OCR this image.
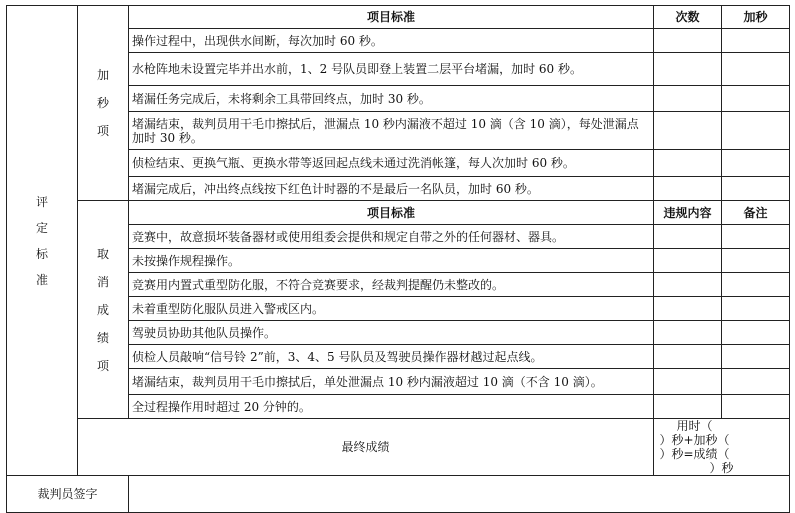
评定标准	加秒项	项目标准	次数	加秒
		操作过程中，出现供水间断，每次加时 60 秒。		
		水枪阵地未设置完毕并出水前，1、2 号队员即登上装置二层平台堵漏，加时 60 秒。		
		堵漏任务完成后，未将剩余工具带回终点，加时 30 秒。		
		堵漏结束，裁判员用干毛巾擦拭后，泄漏点 10 秒内漏液不超过 10 滴（含 10 滴），每处泄漏点加时 30 秒。		
		侦检结束、更换气瓶、更换水带等返回起点线未通过洗消帐篷，每人次加时 60 秒。		
		堵漏完成后，冲出终点线按下红色计时器的不是最后一名队员，加时 60 秒。		

	取消成绩项	项目标准	违规内容	备注
		竞赛中，故意损坏装备器材或使用组委会提供和规定自带之外的任何器材、器具。		
		未按操作规程操作。		
		竞赛用内置式重型防化服，不符合竞赛要求，经裁判提醒仍未整改的。		
		未着重型防化服队员进入警戒区内。		
		驾驶员协助其他队员操作。		
		侦检人员敲响“信号铃 2”前，3、4、5 号队员及驾驶员操作器材越过起点线。		
		堵漏结束，裁判员用干毛巾擦拭后，单处泄漏点 10 秒内漏液超过 10 滴（不含 10 滴）。		
		全过程操作用时超过 20 分钟的。		
	最终成绩		用时（）秒+加秒（）秒=成绩（）秒	
裁判员签字				
